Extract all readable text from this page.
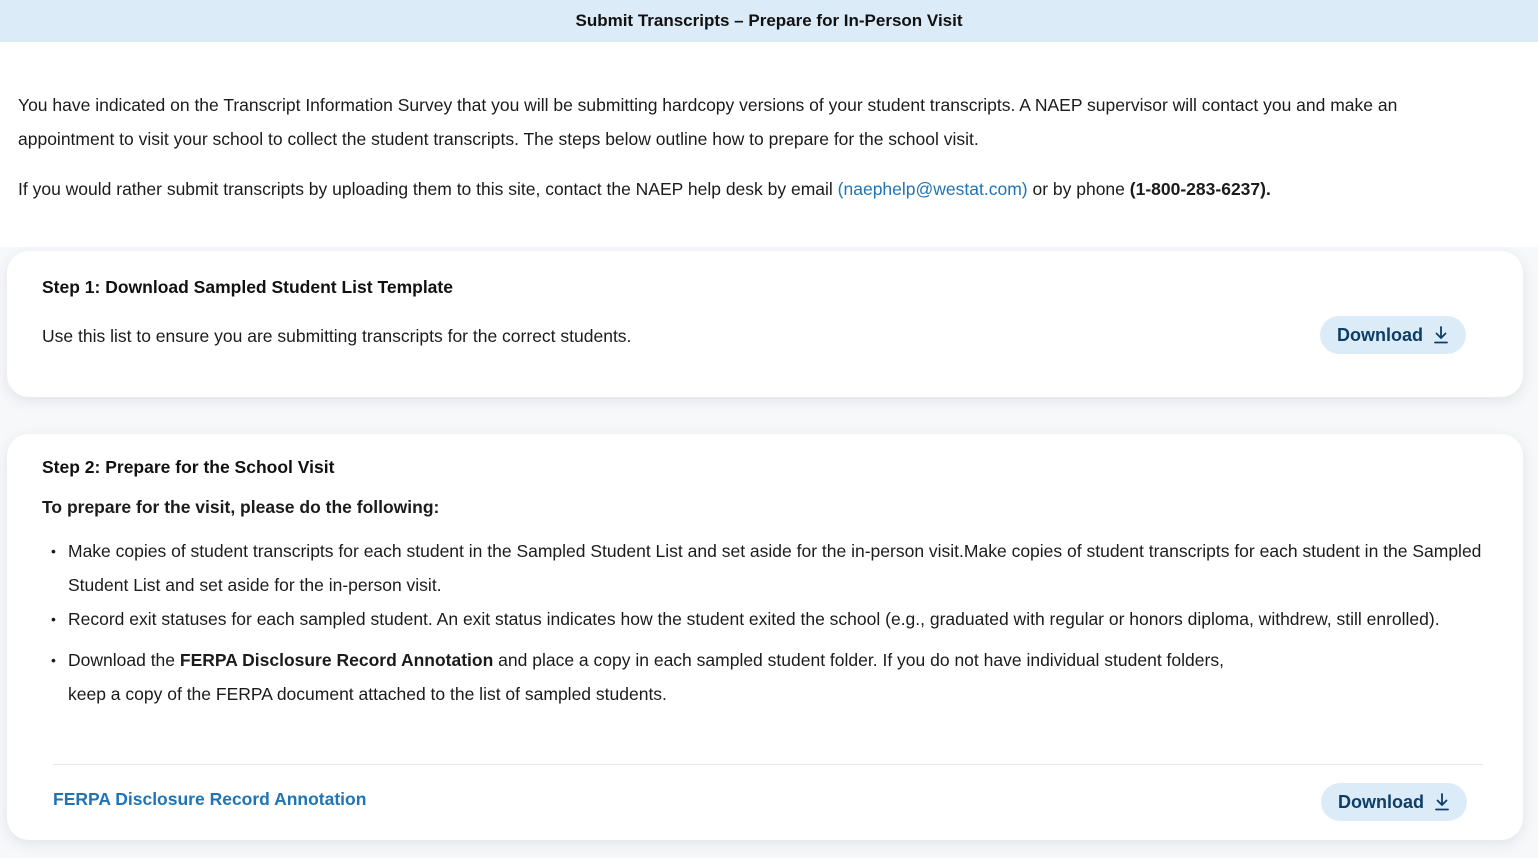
Submit Transcripts – Prepare for In-Person Visit

You have indicated on the Transcript Information Survey that you will be submitting hardcopy versions of your student transcripts. A NAEP supervisor will contact you and make an appointment to visit your school to collect the student transcripts. The steps below outline how to prepare for the school visit.

If you would rather submit transcripts by uploading them to this site, contact the NAEP help desk by email (naephelp@westat.com) or by phone (1-800-283-6237).

Step 1: Download Sampled Student List Template
Use this list to ensure you are submitting transcripts for the correct students.	Download
Step 2: Prepare for the School Visit
To prepare for the visit, please do the following:
• Make copies of student transcripts for each student in the Sampled Student List and set aside for the in-person visit.Make copies of student transcripts for each student in the Sampled Student List and set aside for the in-person visit.
• Record exit statuses for each sampled student. An exit status indicates how the student exited the school (e.g., graduated with regular or honors diploma, withdrew, still enrolled).
• Download the FERPA Disclosure Record Annotation and place a copy in each sampled student folder. If you do not have individual student folders, keep a copy of the FERPA document attached to the list of sampled students.
FERPA Disclosure Record Annotation	Download
